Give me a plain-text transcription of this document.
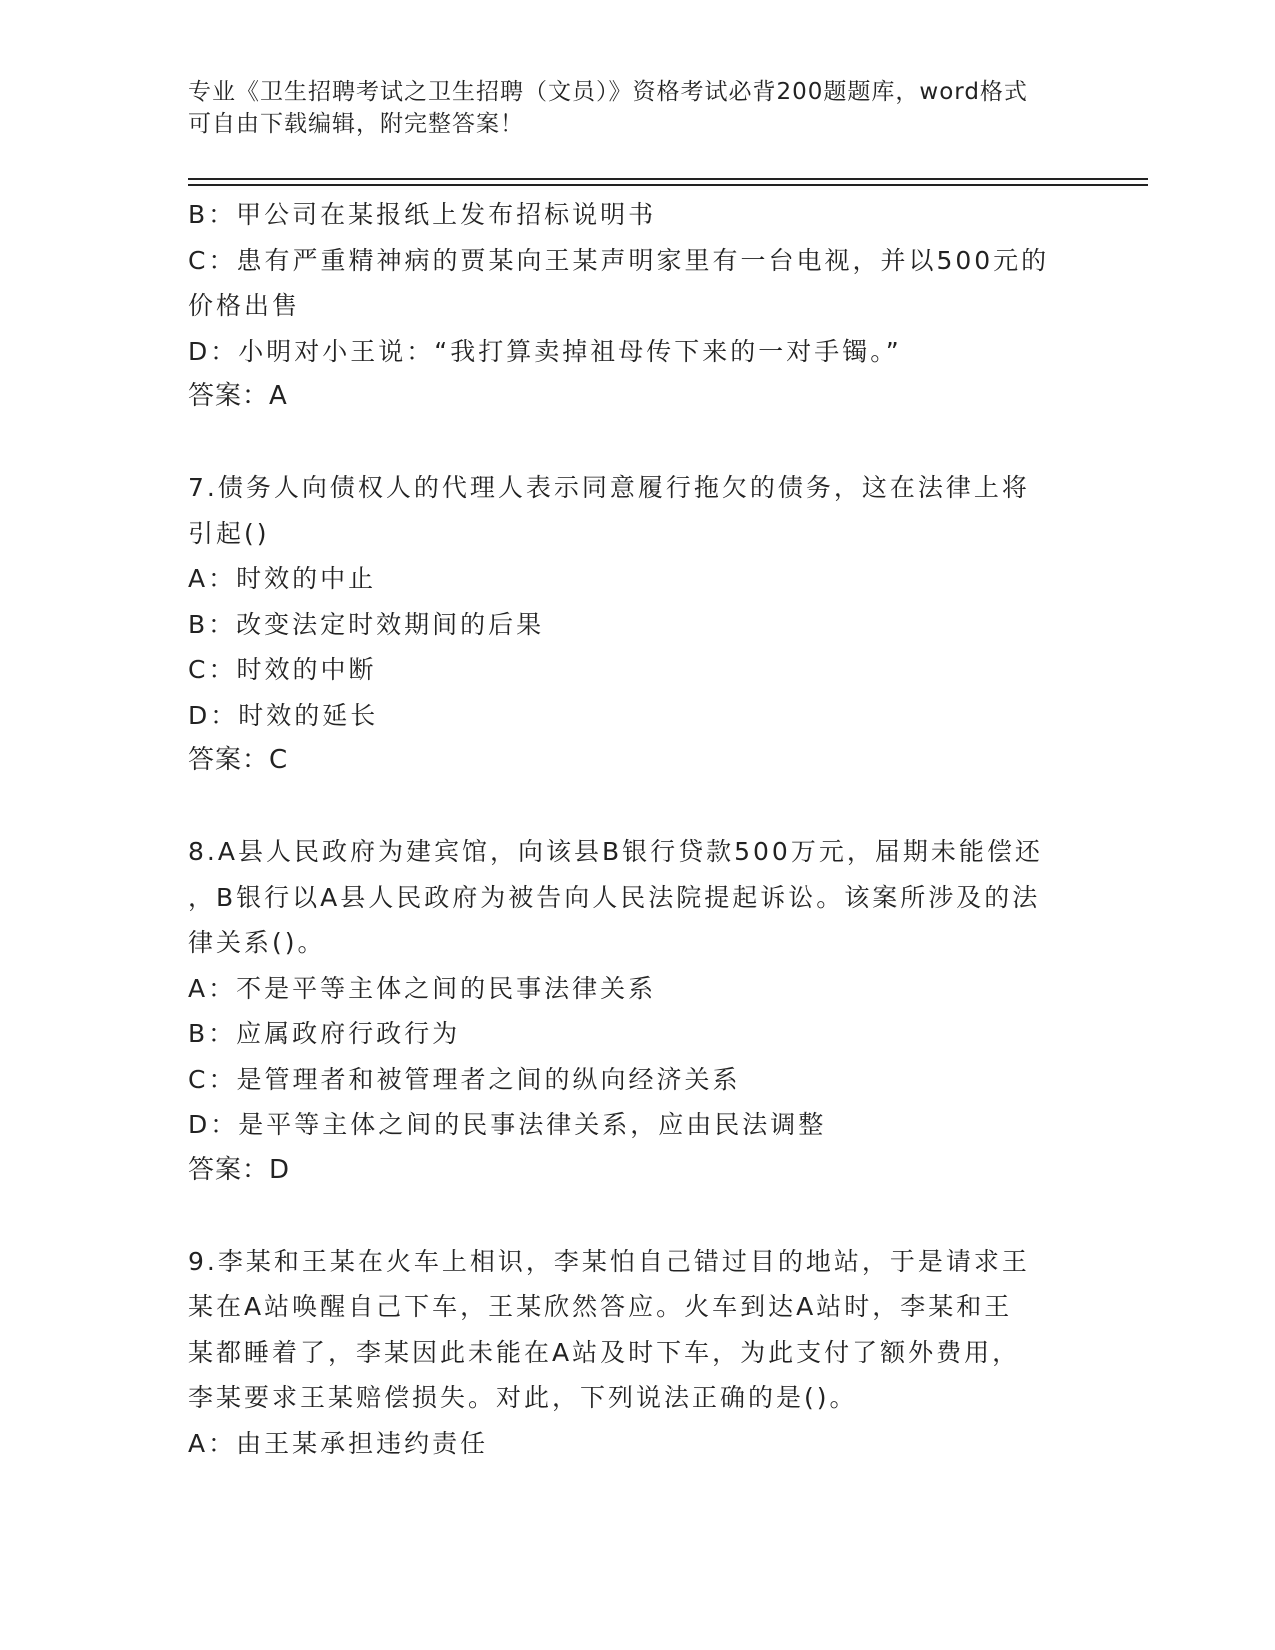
专业《卫生招聘考试之卫生招聘（文员）》资格考试必背200题题库，word格式
可自由下载编辑，附完整答案！
B：甲公司在某报纸上发布招标说明书
C：患有严重精神病的贾某向王某声明家里有一台电视，并以500元的
价格出售
D：小明对小王说：“我打算卖掉祖母传下来的一对手镯。”
答案：A
7.债务人向债权人的代理人表示同意履行拖欠的债务，这在法律上将
引起()
A：时效的中止
B：改变法定时效期间的后果
C：时效的中断
D：时效的延长
答案：C
8.A县人民政府为建宾馆，向该县B银行贷款500万元，届期未能偿还
，B银行以A县人民政府为被告向人民法院提起诉讼。该案所涉及的法
律关系()。
A：不是平等主体之间的民事法律关系
B：应属政府行政行为
C：是管理者和被管理者之间的纵向经济关系
D：是平等主体之间的民事法律关系，应由民法调整
答案：D
9.李某和王某在火车上相识，李某怕自己错过目的地站，于是请求王
某在A站唤醒自己下车，王某欣然答应。火车到达A站时，李某和王
某都睡着了，李某因此未能在A站及时下车，为此支付了额外费用，
李某要求王某赔偿损失。对此，下列说法正确的是()。
A：由王某承担违约责任
